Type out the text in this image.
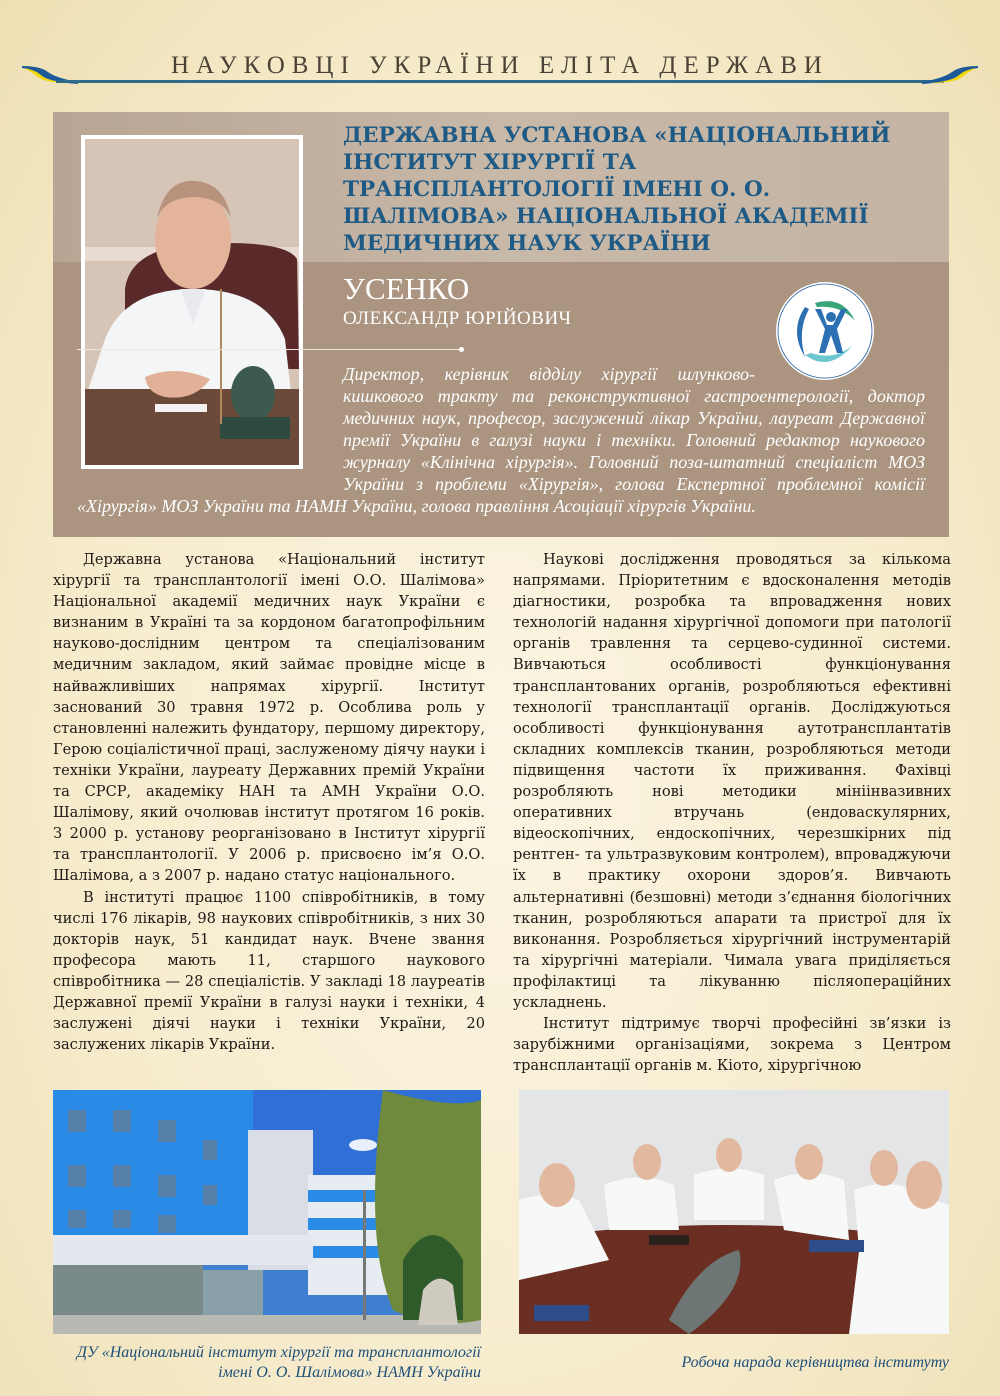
НАУКОВЦІ УКРАЇНИ ЕЛІТА ДЕРЖАВИ
ДЕРЖАВНА УСТАНОВА «НАЦІОНАЛЬНИЙ ІНСТИТУТ ХІРУРГІЇ ТА ТРАНСПЛАНТОЛОГІЇ ІМЕНІ О. О. ШАЛІМОВА» НАЦІОНАЛЬНОЇ АКАДЕМІЇ МЕДИЧНИХ НАУК УКРАЇНИ
УСЕНКО
ОЛЕКСАНДР ЮРІЙОВИЧ
Директор, керівник відділу хірургії шлунково-кишкового тракту та реконструктивної гастроентерології, доктор медичних наук, професор, заслужений лікар України, лауреат Державної премії України в галузі науки і техніки. Головний редактор наукового журналу «Клінічна хірургія». Головний поза-штатний спеціаліст МОЗ України з проблеми «Хірургія», голова Експертної проблемної комісії «Хірургія» МОЗ України та НАМН України, голова правління Асоціації хірургів України.

Державна установа «Національний інститут хірургії та трансплантології імені О.О. Шалімова» Національної академії медичних наук України є визнаним в Україні та за кордоном багатопрофільним науково-дослідним центром та спеціалізованим медичним закладом, який займає провідне місце в найважливіших напрямах хірургії. Інститут заснований 30 травня 1972 р. Особлива роль у становленні належить фундатору, першому директору, Герою соціалістичної праці, заслуженому діячу науки і техніки України, лауреату Державних премій України та СРСР, академіку НАН та АМН України О.О. Шалімову, який очолював інститут протягом 16 років. З 2000 р. установу реорганізовано в Інститут хірургії та трансплантології. У 2006 р. присвоєно ім’я О.О. Шалімова, а з 2007 р. надано статус національного.

В інституті працює 1100 співробітників, в тому числі 176 лікарів, 98 наукових співробітників, з них 30 докторів наук, 51 кандидат наук. Вчене звання професора мають 11, старшого наукового співробітника — 28 спеціалістів. У закладі 18 лауреатів Державної премії України в галузі науки і техніки, 4 заслужені діячі науки і техніки України, 20 заслужених лікарів України.

Наукові дослідження проводяться за кількома напрямами. Пріоритетним є вдосконалення методів діагностики, розробка та впровадження нових технологій надання хірургічної допомоги при патології органів травлення та серцево-судинної системи. Вивчаються особливості функціонування трансплантованих органів, розробляються ефективні технології трансплантації органів. Досліджуються особливості функціонування аутотрансплантатів складних комплексів тканин, розробляються методи підвищення частоти їх приживання. Фахівці розробляють нові методики мініінвазивних оперативних втручань (ендоваскулярних, відеоскопічних, ендоскопічних, черезшкірних під рентген- та ультразвуковим контролем), впроваджуючи їх в практику охорони здоров’я. Вивчають альтернативні (безшовні) методи з’єднання біологічних тканин, розробляються апарати та пристрої для їх виконання. Розробляється хірургічний інструментарій та хірургічні матеріали. Чимала увага приділяється профілактиці та лікуванню післяопераційних ускладнень.

Інститут підтримує творчі професійні зв’язки із зарубіжними організаціями, зокрема з Центром трансплантації органів м. Кіото, хірургічною

ДУ «Національний інститут хірургії та трансплантології імені О. О. Шалімова» НАМН України
Робоча нарада керівництва інституту
